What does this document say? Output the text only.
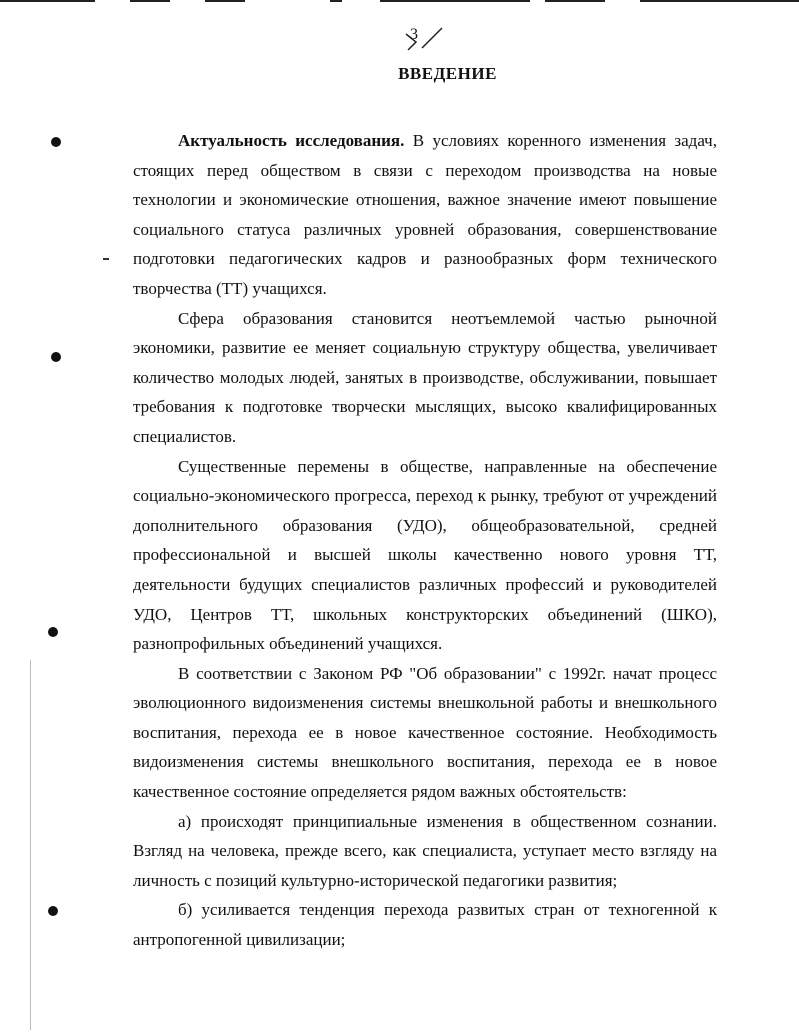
3
ВВЕДЕНИЕ

Актуальность исследования. В условиях коренного изменения задач, стоящих перед обществом в связи с переходом производства на новые технологии и экономические отношения, важное значение имеют повышение социального статуса различных уровней образования, совершенствование подготовки педагогических кадров и разнообразных форм технического творчества (ТТ) учащихся.

Сфера образования становится неотъемлемой частью рыночной экономики, развитие ее меняет социальную структуру общества, увеличивает количество молодых людей, занятых в производстве, обслуживании, повышает требования к подготовке творчески мыслящих, высоко квалифицированных специалистов.

Существенные перемены в обществе, направленные на обеспечение социально-экономического прогресса, переход к рынку, требуют от учреждений дополнительного образования (УДО), общеобразовательной, средней профессиональной и высшей школы качественно нового уровня ТТ, деятельности будущих специалистов различных профессий и руководителей УДО, Центров ТТ, школьных конструкторских объединений (ШКО), разнопрофильных объединений учащихся.

В соответствии с Законом РФ "Об образовании" с 1992г. начат процесс эволюционного видоизменения системы внешкольной работы и внешкольного воспитания, перехода ее в новое качественное состояние. Необходимость видоизменения системы внешкольного воспитания, перехода ее в новое качественное состояние определяется рядом важных обстоятельств:

а) происходят принципиальные изменения в общественном сознании. Взгляд на человека, прежде всего, как специалиста, уступает место взгляду на личность с позиций культурно-исторической педагогики развития;

б) усиливается тенденция перехода развитых стран от техногенной к антропогенной цивилизации;
